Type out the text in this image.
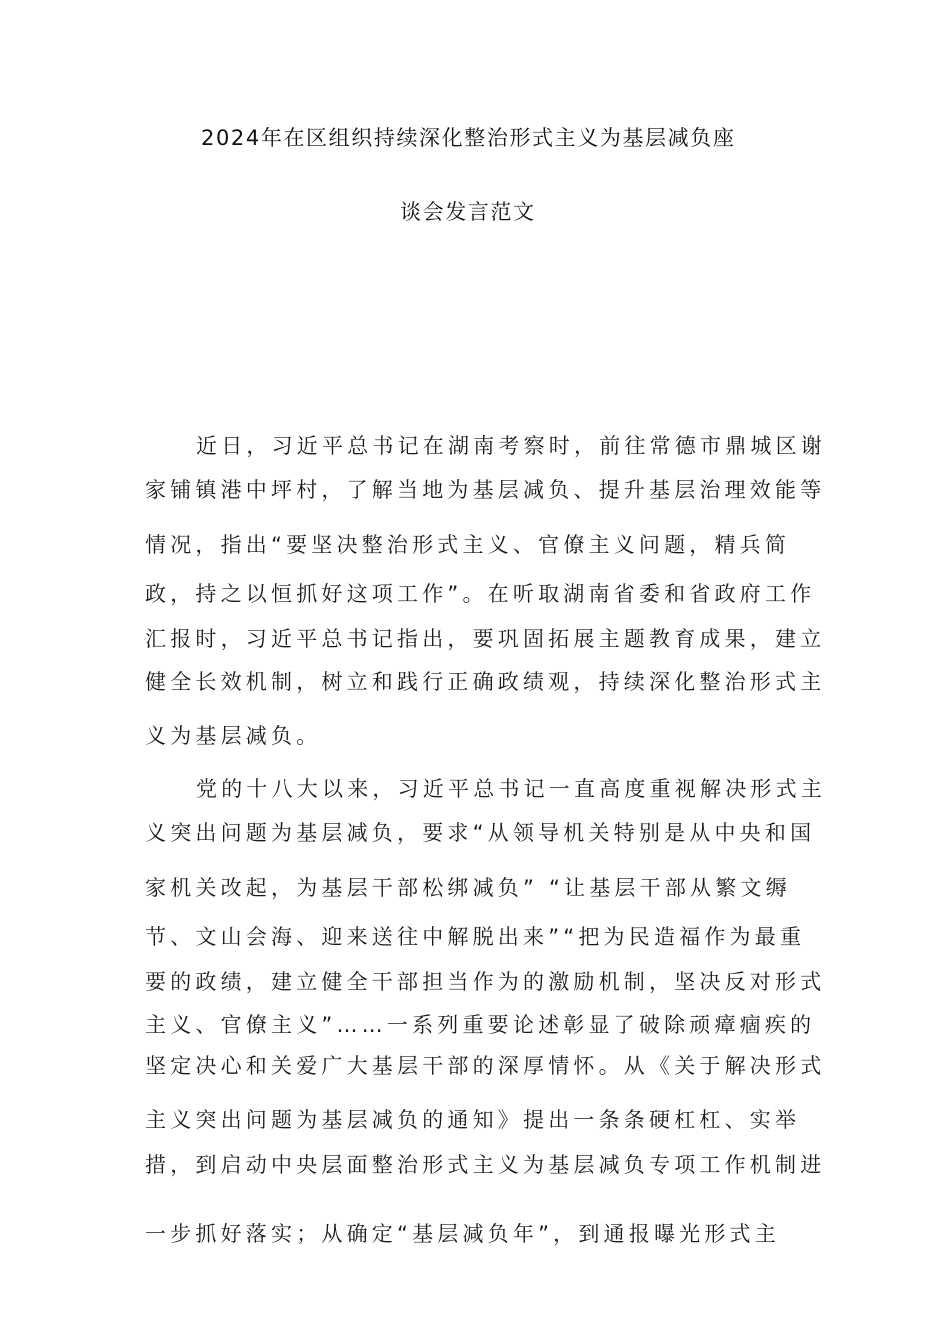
2024年在区组织持续深化整治形式主义为基层减负座
谈会发言范文
近日，习近平总书记在湖南考察时，前往常德市鼎城区谢
家铺镇港中坪村，了解当地为基层减负、提升基层治理效能等
情况，指出“要坚决整治形式主义、官僚主义问题，精兵简
政，持之以恒抓好这项工作”。在听取湖南省委和省政府工作
汇报时，习近平总书记指出，要巩固拓展主题教育成果，建立
健全长效机制，树立和践行正确政绩观，持续深化整治形式主
义为基层减负。
党的十八大以来，习近平总书记一直高度重视解决形式主
义突出问题为基层减负，要求“从领导机关特别是从中央和国
家机关改起，为基层干部松绑减负” “让基层干部从繁文缛
节、文山会海、迎来送往中解脱出来”“把为民造福作为最重
要的政绩，建立健全干部担当作为的激励机制，坚决反对形式
主义、官僚主义”……一系列重要论述彰显了破除顽瘴痼疾的
坚定决心和关爱广大基层干部的深厚情怀。从《关于解决形式
主义突出问题为基层减负的通知》提出一条条硬杠杠、实举
措，到启动中央层面整治形式主义为基层减负专项工作机制进
一步抓好落实；从确定“基层减负年”，到通报曝光形式主
